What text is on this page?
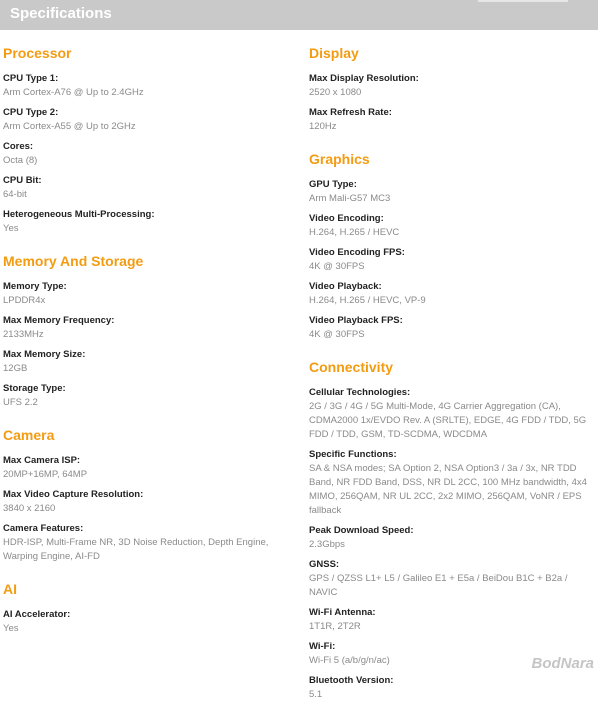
Specifications
Processor
CPU Type 1:
Arm Cortex-A76 @ Up to 2.4GHz
CPU Type 2:
Arm Cortex-A55 @ Up to 2GHz
Cores:
Octa (8)
CPU Bit:
64-bit
Heterogeneous Multi-Processing:
Yes
Memory And Storage
Memory Type:
LPDDR4x
Max Memory Frequency:
2133MHz
Max Memory Size:
12GB
Storage Type:
UFS 2.2
Camera
Max Camera ISP:
20MP+16MP, 64MP
Max Video Capture Resolution:
3840 x 2160
Camera Features:
HDR-ISP, Multi-Frame NR, 3D Noise Reduction, Depth Engine, Warping Engine, AI-FD
AI
AI Accelerator:
Yes
Display
Max Display Resolution:
2520 x 1080
Max Refresh Rate:
120Hz
Graphics
GPU Type:
Arm Mali-G57 MC3
Video Encoding:
H.264, H.265 / HEVC
Video Encoding FPS:
4K @ 30FPS
Video Playback:
H.264, H.265 / HEVC, VP-9
Video Playback FPS:
4K @ 30FPS
Connectivity
Cellular Technologies:
2G / 3G / 4G / 5G Multi-Mode, 4G Carrier Aggregation (CA), CDMA2000 1x/EVDO Rev. A (SRLTE), EDGE, 4G FDD / TDD, 5G FDD / TDD, GSM, TD-SCDMA, WDCDMA
Specific Functions:
SA & NSA modes; SA Option 2, NSA Option3 / 3a / 3x, NR TDD Band, NR FDD Band, DSS, NR DL 2CC, 100 MHz bandwidth, 4x4 MIMO, 256QAM, NR UL 2CC, 2x2 MIMO, 256QAM, VoNR / EPS fallback
Peak Download Speed:
2.3Gbps
GNSS:
GPS / QZSS L1+ L5 / Galileo E1 + E5a / BeiDou B1C + B2a / NAVIC
Wi-Fi Antenna:
1T1R, 2T2R
Wi-Fi:
Wi-Fi 5 (a/b/g/n/ac)
Bluetooth Version:
5.1
BodNara
